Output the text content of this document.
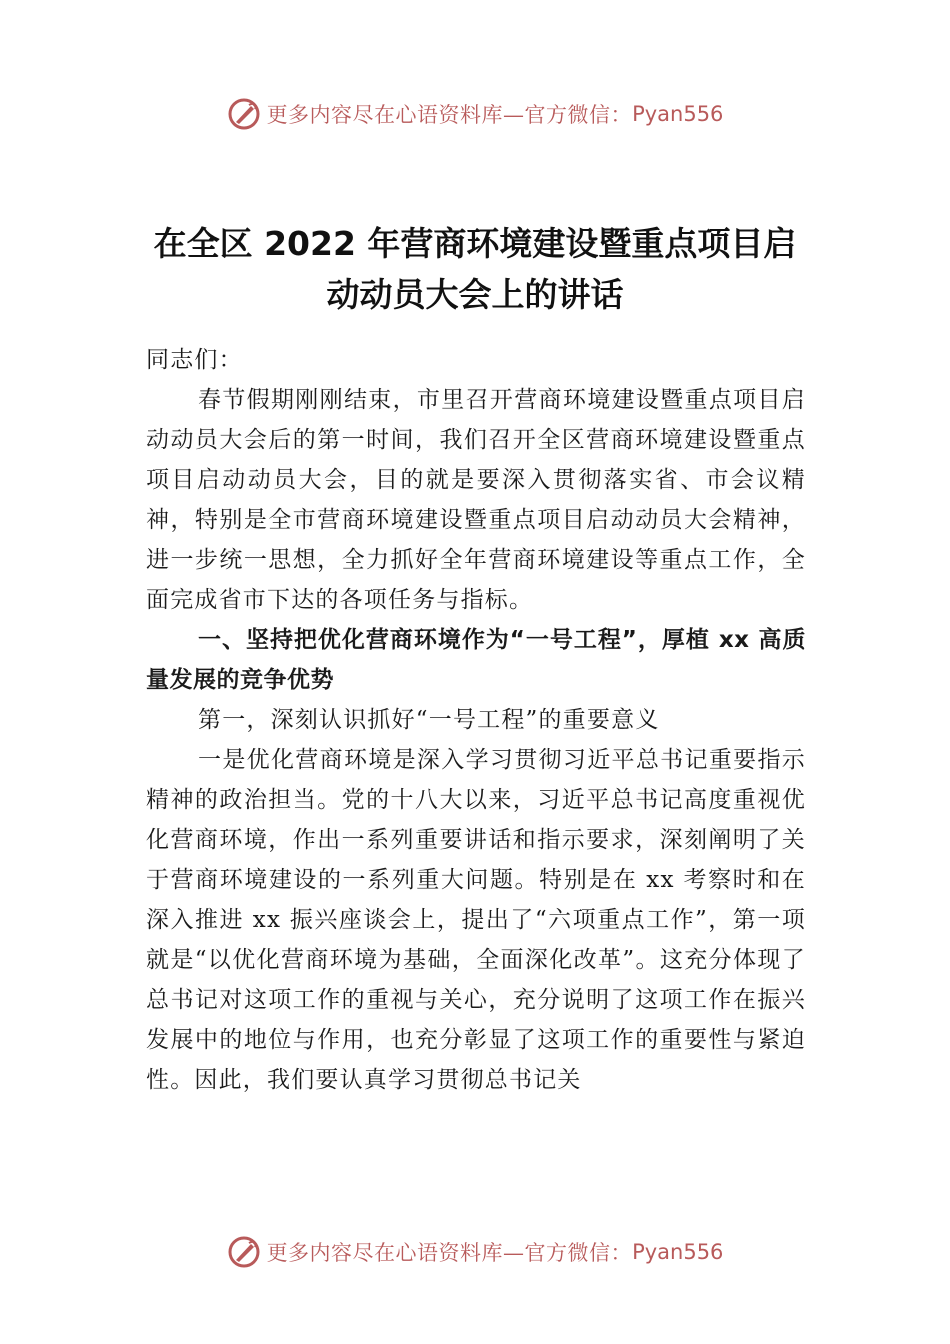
更多内容尽在心语资料库—官方微信： Pyan556
在全区 2022 年营商环境建设暨重点项目启
动动员大会上的讲话

同志们：

春节假期刚刚结束，市里召开营商环境建设暨重点项目启动动员大会后的第一时间，我们召开全区营商环境建设暨重点项目启动动员大会，目的就是要深入贯彻落实省、市会议精神，特别是全市营商环境建设暨重点项目启动动员大会精神，进一步统一思想，全力抓好全年营商环境建设等重点工作，全面完成省市下达的各项任务与指标。

一、坚持把优化营商环境作为“一号工程”，厚植 xx 高质量发展的竞争优势

第一，深刻认识抓好“一号工程”的重要意义

一是优化营商环境是深入学习贯彻习近平总书记重要指示精神的政治担当。党的十八大以来，习近平总书记高度重视优化营商环境，作出一系列重要讲话和指示要求，深刻阐明了关于营商环境建设的一系列重大问题。特别是在 xx 考察时和在深入推进 xx 振兴座谈会上，提出了“六项重点工作”，第一项就是“以优化营商环境为基础，全面深化改革”。这充分体现了总书记对这项工作的重视与关心，充分说明了这项工作在振兴发展中的地位与作用，也充分彰显了这项工作的重要性与紧迫性。因此，我们要认真学习贯彻总书记关

更多内容尽在心语资料库—官方微信： Pyan556
